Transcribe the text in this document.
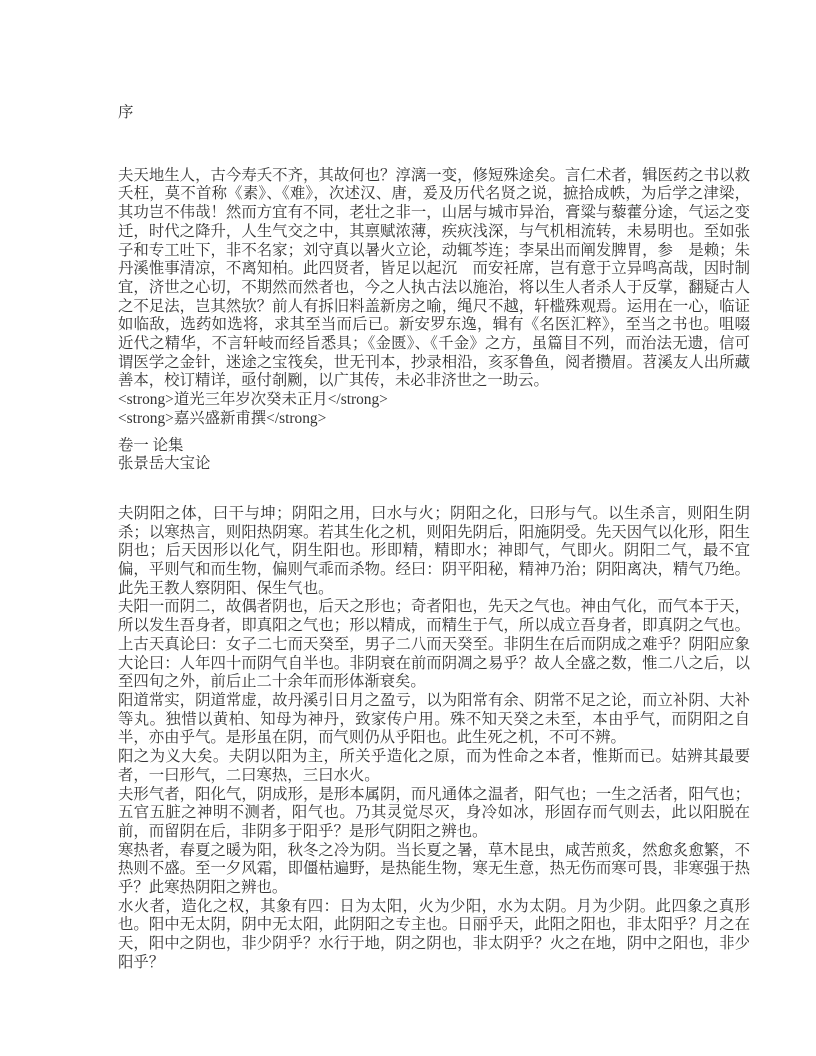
序

夫天地生人，古今寿夭不齐，其故何也？淳漓一变，修短殊途矣。言仁术者，辑医药之书以救夭枉，莫不首称《素》、《难》，次述汉、唐，爰及历代名贤之说，摭拾成帙，为后学之津梁，其功岂不伟哉！然而方宜有不同，老壮之非一，山居与城市异治，膏粱与藜藿分途，气运之变迁，时代之降升，人生气交之中，其禀赋浓薄，疾疢浅深，与气机相流转，未易明也。至如张子和专工吐下，非不名家；刘守真以暑火立论，动辄芩连；李杲出而阐发脾胃，参　是赖；朱丹溪惟事清凉，不离知柏。此四贤者，皆足以起沉　而安衽席，岂有意于立异鸣高哉，因时制宜，济世之心切，不期然而然者也，今之人执古法以施治，将以生人者杀人于反掌，翻疑古人之不足法，岂其然欤？前人有拆旧料盖新房之喻，绳尺不越，轩槛殊观焉。运用在一心，临证如临敌，选药如选将，求其至当而后已。新安罗东逸，辑有《名医汇粹》，至当之书也。咀啜近代之精华，不言轩岐而经旨悉具；《金匮》、《千金》之方，虽篇目不列，而治法无遗，信可谓医学之金针，迷途之宝筏矣，世无刊本，抄录相沿，亥豕鲁鱼，阅者攒眉。苕溪友人出所藏善本，校订精详，亟付剞劂，以广其传，未必非济世之一助云。

<strong>道光三年岁次癸未正月</strong>

<strong>嘉兴盛新甫撰</strong>

卷一 论集
张景岳大宝论

夫阴阳之体，曰干与坤；阴阳之用，曰水与火；阴阳之化，曰形与气。以生杀言，则阳生阴杀；以寒热言，则阳热阴寒。若其生化之机，则阳先阴后，阳施阴受。先天因气以化形，阳生阴也；后天因形以化气，阴生阳也。形即精，精即水；神即气，气即火。阴阳二气，最不宜偏，平则气和而生物，偏则气乖而杀物。经曰：阴平阳秘，精神乃治；阴阳离决，精气乃绝。此先王教人察阴阳、保生气也。

夫阳一而阴二，故偶者阴也，后天之形也；奇者阳也，先天之气也。神由气化，而气本于天，所以发生吾身者，即真阳之气也；形以精成，而精生于气，所以成立吾身者，即真阴之气也。上古天真论曰：女子二七而天癸至，男子二八而天癸至。非阴生在后而阴成之难乎？阴阳应象大论曰：人年四十而阴气自半也。非阴衰在前而阴凋之易乎？故人全盛之数，惟二八之后，以至四旬之外，前后止二十余年而形体渐衰矣。

阳道常实，阴道常虚，故丹溪引日月之盈亏，以为阳常有余、阴常不足之论，而立补阴、大补等丸。独惜以黄柏、知母为神丹，致家传户用。殊不知天癸之未至，本由乎气，而阴阳之自半，亦由乎气。是形虽在阴，而气则仍从乎阳也。此生死之机，不可不辨。

阳之为义大矣。夫阴以阳为主，所关乎造化之原，而为性命之本者，惟斯而已。姑辨其最要者，一曰形气，二曰寒热，三曰水火。

夫形气者，阳化气，阴成形，是形本属阴，而凡通体之温者，阳气也；一生之活者，阳气也；五官五脏之神明不测者，阳气也。乃其灵觉尽灭，身冷如冰，形固存而气则去，此以阳脱在前，而留阴在后，非阴多于阳乎？是形气阴阳之辨也。

寒热者，春夏之暖为阳，秋冬之冷为阴。当长夏之暑，草木昆虫，咸苦煎炙，然愈炙愈繁，不热则不盛。至一夕风霜，即僵枯遍野，是热能生物，寒无生意，热无伤而寒可畏，非寒强于热乎？此寒热阴阳之辨也。

水火者，造化之权，其象有四：日为太阳，火为少阳，水为太阴。月为少阴。此四象之真形也。阳中无太阴，阴中无太阳，此阴阳之专主也。日丽乎天，此阳之阳也，非太阳乎？月之在天，阳中之阴也，非少阴乎？水行于地，阴之阴也，非太阴乎？火之在地，阴中之阳也，非少阳乎？
